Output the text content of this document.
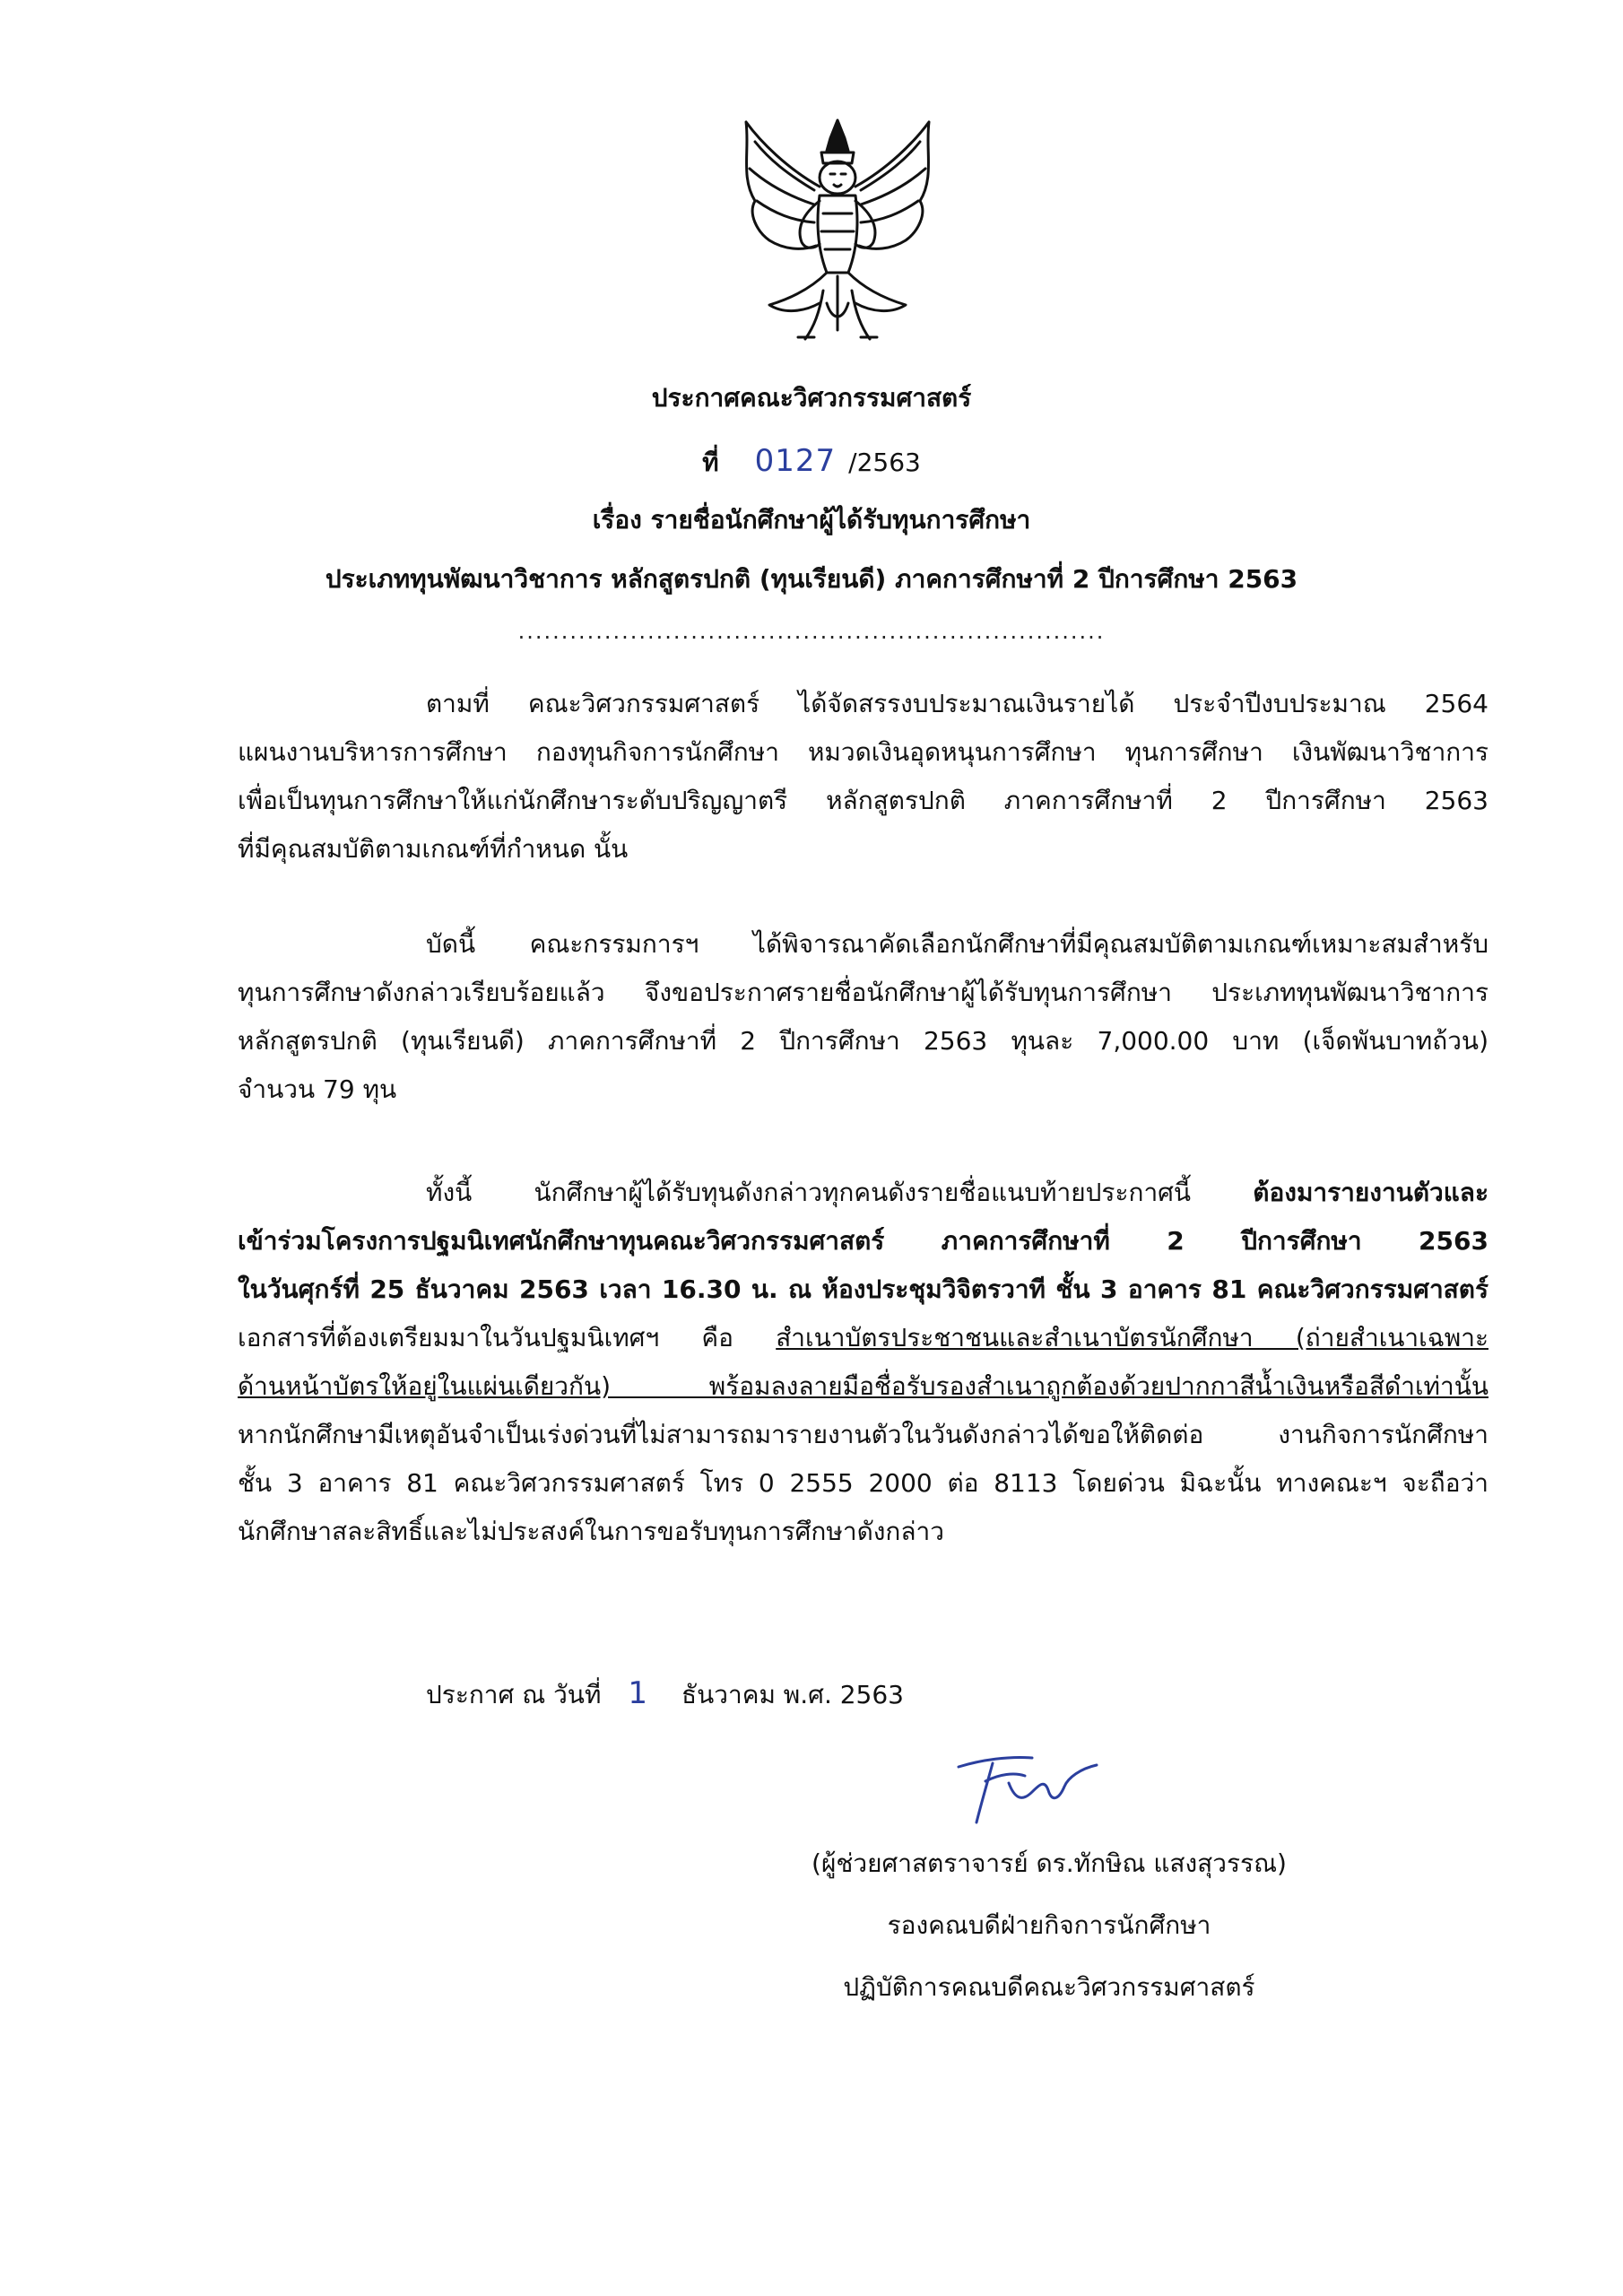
ประกาศคณะวิศวกรรมศาสตร์
ที่ 0127 /2563
เรื่อง รายชื่อนักศึกษาผู้ได้รับทุนการศึกษา
ประเภททุนพัฒนาวิชาการ หลักสูตรปกติ (ทุนเรียนดี) ภาคการศึกษาที่ 2 ปีการศึกษา 2563
....................................................................
ตามที่ คณะวิศวกรรมศาสตร์ ได้จัดสรรงบประมาณเงินรายได้ ประจำปีงบประมาณ 2564
แผนงานบริหารการศึกษา กองทุนกิจการนักศึกษา หมวดเงินอุดหนุนการศึกษา ทุนการศึกษา เงินพัฒนาวิชาการ
เพื่อเป็นทุนการศึกษาให้แก่นักศึกษาระดับปริญญาตรี หลักสูตรปกติ ภาคการศึกษาที่ 2 ปีการศึกษา 2563
ที่มีคุณสมบัติตามเกณฑ์ที่กำหนด นั้น
บัดนี้ คณะกรรมการฯ ได้พิจารณาคัดเลือกนักศึกษาที่มีคุณสมบัติตามเกณฑ์เหมาะสมสำหรับ
ทุนการศึกษาดังกล่าวเรียบร้อยแล้ว จึงขอประกาศรายชื่อนักศึกษาผู้ได้รับทุนการศึกษา ประเภททุนพัฒนาวิชาการ
หลักสูตรปกติ (ทุนเรียนดี) ภาคการศึกษาที่ 2 ปีการศึกษา 2563 ทุนละ 7,000.00 บาท (เจ็ดพันบาทถ้วน)
จำนวน 79 ทุน
ทั้งนี้ นักศึกษาผู้ได้รับทุนดังกล่าวทุกคนดังรายชื่อแนบท้ายประกาศนี้ ต้องมารายงานตัวและ
เข้าร่วมโครงการปฐมนิเทศนักศึกษาทุนคณะวิศวกรรมศาสตร์ ภาคการศึกษาที่ 2 ปีการศึกษา 2563
ในวันศุกร์ที่ 25 ธันวาคม 2563 เวลา 16.30 น. ณ ห้องประชุมวิจิตรวาที ชั้น 3 อาคาร 81 คณะวิศวกรรมศาสตร์
เอกสารที่ต้องเตรียมมาในวันปฐมนิเทศฯ คือ สำเนาบัตรประชาชนและสำเนาบัตรนักศึกษา (ถ่ายสำเนาเฉพาะ
ด้านหน้าบัตรให้อยู่ในแผ่นเดียวกัน) พร้อมลงลายมือชื่อรับรองสำเนาถูกต้องด้วยปากกาสีน้ำเงินหรือสีดำเท่านั้น
หากนักศึกษามีเหตุอันจำเป็นเร่งด่วนที่ไม่สามารถมารายงานตัวในวันดังกล่าวได้ขอให้ติดต่อ งานกิจการนักศึกษา
ชั้น 3 อาคาร 81 คณะวิศวกรรมศาสตร์ โทร 0 2555 2000 ต่อ 8113 โดยด่วน มิฉะนั้น ทางคณะฯ จะถือว่า
นักศึกษาสละสิทธิ์และไม่ประสงค์ในการขอรับทุนการศึกษาดังกล่าว
ประกาศ ณ วันที่ 1 ธันวาคม พ.ศ. 2563
(ผู้ช่วยศาสตราจารย์ ดร.ทักษิณ แสงสุวรรณ)
รองคณบดีฝ่ายกิจการนักศึกษา
ปฏิบัติการคณบดีคณะวิศวกรรมศาสตร์
